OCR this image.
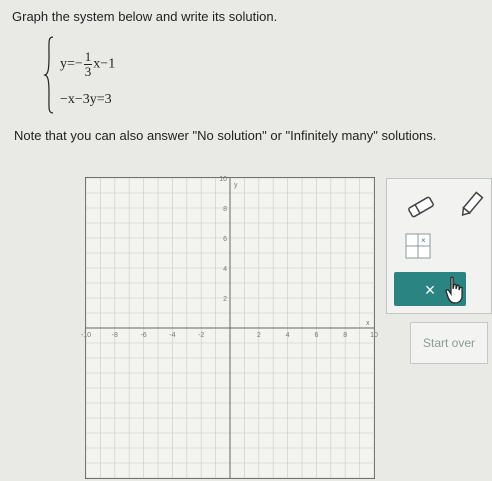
Graph the system below and write its solution.
$y=- \frac{1}{3} x-1$
−x−3y=3
Note that you can also answer "No solution" or "Infinitely many" solutions.
-10	-8	-6	-4	-2	2	4	6	8	10
10
8
6
4
2
x
y
×
×
Start over
